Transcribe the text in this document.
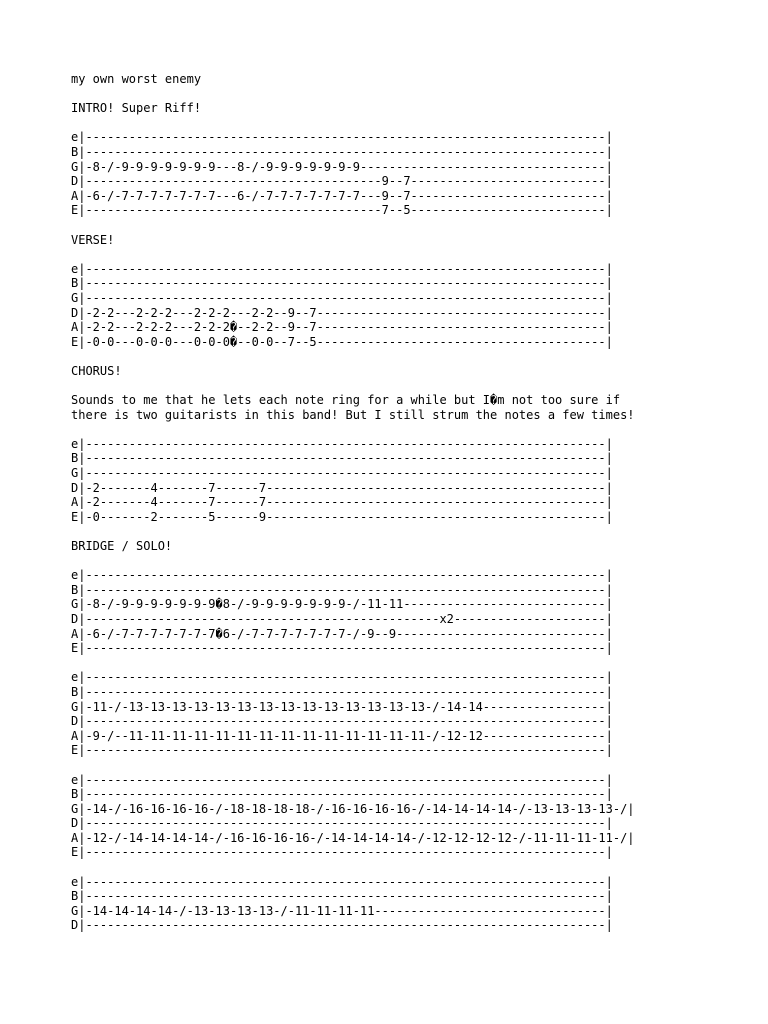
my own worst enemy
INTRO! Super Riff!
e|------------------------------------------------------------------------|
B|------------------------------------------------------------------------|
G|-8-/-9-9-9-9-9-9-9---8-/-9-9-9-9-9-9-9----------------------------------|
D|-----------------------------------------9--7---------------------------|
A|-6-/-7-7-7-7-7-7-7---6-/-7-7-7-7-7-7-7---9--7---------------------------|
E|-----------------------------------------7--5---------------------------|
VERSE!
e|------------------------------------------------------------------------|
B|------------------------------------------------------------------------|
G|------------------------------------------------------------------------|
D|-2-2---2-2-2---2-2-2---2-2--9--7----------------------------------------|
A|-2-2---2-2-2---2-2-2�--2-2--9--7----------------------------------------|
E|-0-0---0-0-0---0-0-0�--0-0--7--5----------------------------------------|
CHORUS!
Sounds to me that he lets each note ring for a while but I�m not too sure if
there is two guitarists in this band! But I still strum the notes a few times!
e|------------------------------------------------------------------------|
B|------------------------------------------------------------------------|
G|------------------------------------------------------------------------|
D|-2-------4-------7------7-----------------------------------------------|
A|-2-------4-------7------7-----------------------------------------------|
E|-0-------2-------5------9-----------------------------------------------|
BRIDGE / SOLO!
e|------------------------------------------------------------------------|
B|------------------------------------------------------------------------|
G|-8-/-9-9-9-9-9-9-9�8-/-9-9-9-9-9-9-9-/-11-11----------------------------|
D|-------------------------------------------------x2---------------------|
A|-6-/-7-7-7-7-7-7-7�6-/-7-7-7-7-7-7-7-/-9--9-----------------------------|
E|------------------------------------------------------------------------|
e|------------------------------------------------------------------------|
B|------------------------------------------------------------------------|
G|-11-/-13-13-13-13-13-13-13-13-13-13-13-13-13-13-/-14-14-----------------|
D|------------------------------------------------------------------------|
A|-9-/--11-11-11-11-11-11-11-11-11-11-11-11-11-11-/-12-12-----------------|
E|------------------------------------------------------------------------|
e|------------------------------------------------------------------------|
B|------------------------------------------------------------------------|
G|-14-/-16-16-16-16-/-18-18-18-18-/-16-16-16-16-/-14-14-14-14-/-13-13-13-13-/|
D|------------------------------------------------------------------------|
A|-12-/-14-14-14-14-/-16-16-16-16-/-14-14-14-14-/-12-12-12-12-/-11-11-11-11-/|
E|------------------------------------------------------------------------|
e|------------------------------------------------------------------------|
B|------------------------------------------------------------------------|
G|-14-14-14-14-/-13-13-13-13-/-11-11-11-11--------------------------------|
D|------------------------------------------------------------------------|
